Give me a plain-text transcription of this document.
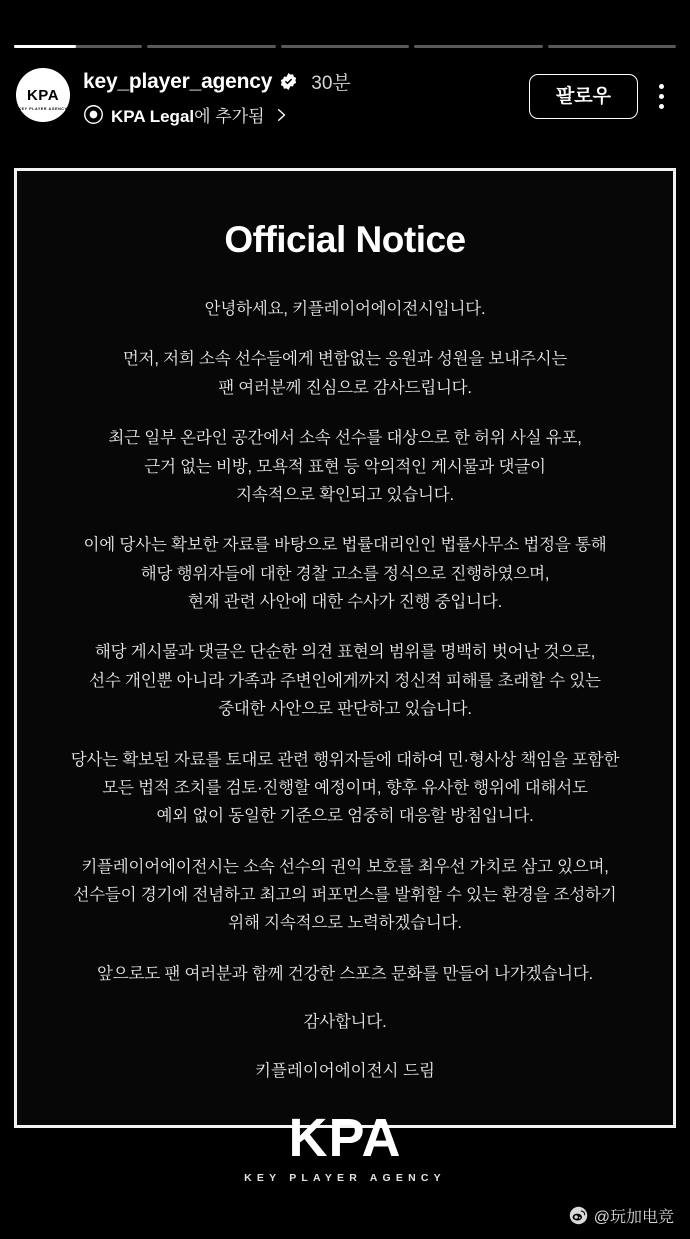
KPA
KEY PLAYER AGENCY
key_player_agency 30분
KPA Legal에 추가됨
팔로우
Official Notice

안녕하세요, 키플레이어에이전시입니다.

먼저, 저희 소속 선수들에게 변함없는 응원과 성원을 보내주시는
팬 여러분께 진심으로 감사드립니다.

최근 일부 온라인 공간에서 소속 선수를 대상으로 한 허위 사실 유포,
근거 없는 비방, 모욕적 표현 등 악의적인 게시물과 댓글이
지속적으로 확인되고 있습니다.

이에 당사는 확보한 자료를 바탕으로 법률대리인인 법률사무소 법정을 통해
해당 행위자들에 대한 경찰 고소를 정식으로 진행하였으며,
현재 관련 사안에 대한 수사가 진행 중입니다.

해당 게시물과 댓글은 단순한 의견 표현의 범위를 명백히 벗어난 것으로,
선수 개인뿐 아니라 가족과 주변인에게까지 정신적 피해를 초래할 수 있는
중대한 사안으로 판단하고 있습니다.

당사는 확보된 자료를 토대로 관련 행위자들에 대하여 민·형사상 책임을 포함한
모든 법적 조치를 검토·진행할 예정이며, 향후 유사한 행위에 대해서도
예외 없이 동일한 기준으로 엄중히 대응할 방침입니다.

키플레이어에이전시는 소속 선수의 권익 보호를 최우선 가치로 삼고 있으며,
선수들이 경기에 전념하고 최고의 퍼포먼스를 발휘할 수 있는 환경을 조성하기
위해 지속적으로 노력하겠습니다.

앞으로도 팬 여러분과 함께 건강한 스포츠 문화를 만들어 나가겠습니다.

감사합니다.

키플레이어에이전시 드림

KPA
KEY PLAYER AGENCY
@玩加电竞
